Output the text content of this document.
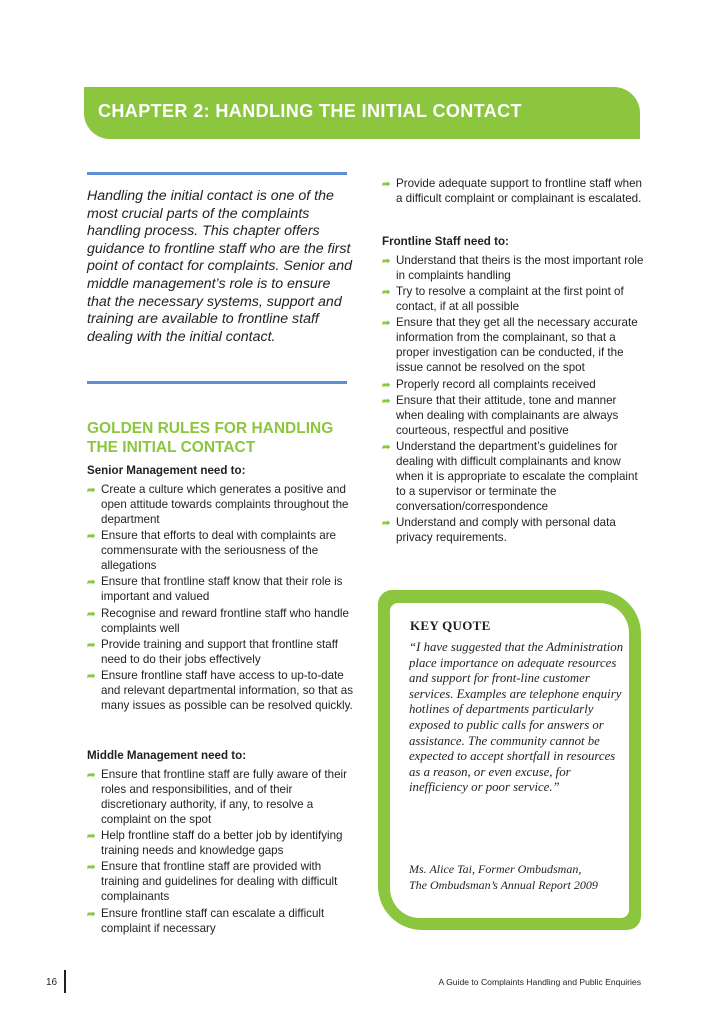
CHAPTER 2: HANDLING THE INITIAL CONTACT
Handling the initial contact is one of the most crucial parts of the complaints handling process. This chapter offers guidance to frontline staff who are the first point of contact for complaints. Senior and middle management’s role is to ensure that the necessary systems, support and training are available to frontline staff dealing with the initial contact.
GOLDEN RULES FOR HANDLING
THE INITIAL CONTACT
Senior Management need to:
➦ Create a culture which generates a positive and open attitude towards complaints throughout the department
➦ Ensure that efforts to deal with complaints are commensurate with the seriousness of the allegations
➦ Ensure that frontline staff know that their role is important and valued
➦ Recognise and reward frontline staff who handle complaints well
➦ Provide training and support that frontline staff need to do their jobs effectively
➦ Ensure frontline staff have access to up-to-date and relevant departmental information, so that as many issues as possible can be resolved quickly.
Middle Management need to:
➦ Ensure that frontline staff are fully aware of their roles and responsibilities, and of their discretionary authority, if any, to resolve a complaint on the spot
➦ Help frontline staff do a better job by identifying training needs and knowledge gaps
➦ Ensure that frontline staff are provided with training and guidelines for dealing with difficult complainants
➦ Ensure frontline staff can escalate a difficult complaint if necessary
➦ Provide adequate support to frontline staff when a difficult complaint or complainant is escalated.
Frontline Staff need to:
➦ Understand that theirs is the most important role in complaints handling
➦ Try to resolve a complaint at the first point of contact, if at all possible
➦ Ensure that they get all the necessary accurate information from the complainant, so that a proper investigation can be conducted, if the issue cannot be resolved on the spot
➦ Properly record all complaints received
➦ Ensure that their attitude, tone and manner when dealing with complainants are always courteous, respectful and positive
➦ Understand the department’s guidelines for dealing with difficult complainants and know when it is appropriate to escalate the complaint to a supervisor or terminate the conversation/correspondence
➦ Understand and comply with personal data privacy requirements.
KEY QUOTE
“I have suggested that the Administration place importance on adequate resources and support for front-line customer services. Examples are telephone enquiry hotlines of departments particularly exposed to public calls for answers or assistance. The community cannot be expected to accept shortfall in resources as a reason, or even excuse, for inefficiency or poor service.”
Ms. Alice Tai, Former Ombudsman,
The Ombudsman’s Annual Report 2009
16	A Guide to Complaints Handling and Public Enquiries
